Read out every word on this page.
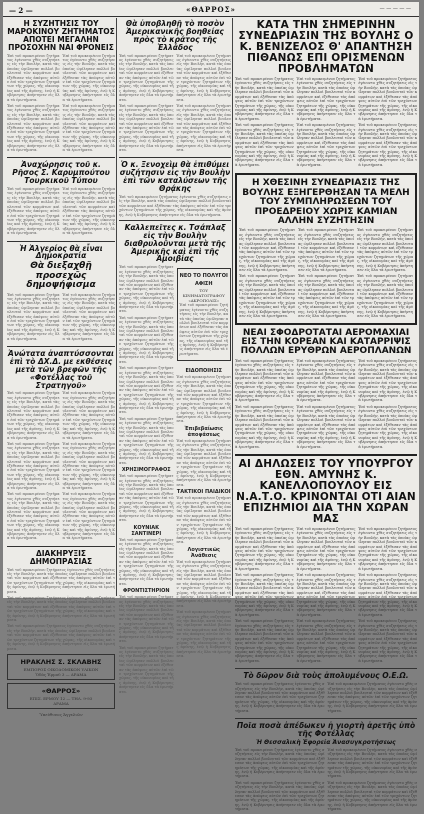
— 2 —	«ΘΑΡΡΟΣ»	— — — — —
Η ΣΥΖΗΤΗΣΙΣ ΤΟΥ ΜΑΡΟΚΙΝΟΥ ΖΗΤΗΜΑΤΟΣ ΑΠΟΤΕΙ ΜΕΓΑΛΗΝ ΠΡΟΣΟΧΗΝ ΝΑΙ ΦΡΟΝΕΙΣ

Ἐπὶ τοῦ προκειμένου ζητήματος ἐγένοντο χθὲς συζητήσεις εἰς τὴν Βουλὴν, κατὰ τὰς ὁποίας ὡμίλησαν πολλοὶ βουλευταὶ τῶν κομμάτων καὶ ἐξέθεσαν τὰς ἀπόψεις αὐτῶν ἐπὶ τῶν τρεχόντων ζητημάτων τῆς χώρας, τῆς οἰκονομίας καὶ τῆς ἀμύνης, ἐνῷ ἡ Κυβέρνησις ἀπήντησεν εἰς ὅλα τὰ ἐρωτήματα.

Ἐπὶ τοῦ προκειμένου ζητήματος ἐγένοντο χθὲς συζητήσεις εἰς τὴν Βουλὴν, κατὰ τὰς ὁποίας ὡμίλησαν πολλοὶ βουλευταὶ τῶν κομμάτων καὶ ἐξέθεσαν τὰς ἀπόψεις αὐτῶν ἐπὶ τῶν τρεχόντων ζητημάτων τῆς χώρας, τῆς οἰκονομίας καὶ τῆς ἀμύνης, ἐνῷ ἡ Κυβέρνησις ἀπήντησεν εἰς ὅλα τὰ ἐρωτήματα.

Ἐπὶ τοῦ προκειμένου ζητήματος ἐγένοντο χθὲς συζητήσεις εἰς τὴν Βουλὴν, κατὰ τὰς ὁποίας ὡμίλησαν πολλοὶ βουλευταὶ τῶν κομμάτων καὶ ἐξέθεσαν τὰς ἀπόψεις αὐτῶν ἐπὶ τῶν τρεχόντων ζητημάτων τῆς χώρας, τῆς οἰκονομίας καὶ τῆς ἀμύνης, ἐνῷ ἡ Κυβέρνησις ἀπήντησεν εἰς ὅλα τὰ ἐρωτήματα.

Ἐπὶ τοῦ προκειμένου ζητήματος ἐγένοντο χθὲς συζητήσεις εἰς τὴν Βουλὴν, κατὰ τὰς ὁποίας ὡμίλησαν πολλοὶ βουλευταὶ τῶν κομμάτων καὶ ἐξέθεσαν τὰς ἀπόψεις αὐτῶν ἐπὶ τῶν τρεχόντων ζητημάτων τῆς χώρας, τῆς οἰκονομίας καὶ τῆς ἀμύνης, ἐνῷ ἡ Κυβέρνησις ἀπήντησεν εἰς ὅλα τὰ ἐρωτήματα.

Ἀναχώρησις τοῦ κ. Ρῆσος Σ. Καρυμπούτου Τουρκικοῦ Τύπου

Ἐπὶ τοῦ προκειμένου ζητήματος ἐγένοντο χθὲς συζητήσεις εἰς τὴν Βουλὴν, κατὰ τὰς ὁποίας ὡμίλησαν πολλοὶ βουλευταὶ τῶν κομμάτων καὶ ἐξέθεσαν τὰς ἀπόψεις αὐτῶν ἐπὶ τῶν τρεχόντων ζητημάτων τῆς χώρας, τῆς οἰκονομίας καὶ τῆς ἀμύνης, ἐνῷ ἡ Κυβέρνησις ἀπήντησεν εἰς ὅλα τὰ ἐρωτήματα.

Ἐπὶ τοῦ προκειμένου ζητήματος ἐγένοντο χθὲς συζητήσεις εἰς τὴν Βουλὴν, κατὰ τὰς ὁποίας ὡμίλησαν πολλοὶ βουλευταὶ τῶν κομμάτων καὶ ἐξέθεσαν τὰς ἀπόψεις αὐτῶν ἐπὶ τῶν τρεχόντων ζητημάτων τῆς χώρας, τῆς οἰκονομίας καὶ τῆς ἀμύνης, ἐνῷ ἡ Κυβέρνησις ἀπήντησεν εἰς ὅλα τὰ ἐρωτήματα.

Ἡ Ἀλγερίος θὰ εἶναι Δημοκρατία
Θὰ διεξαχθῇ προσεχῶς δημοψήφισμα

Ἐπὶ τοῦ προκειμένου ζητήματος ἐγένοντο χθὲς συζητήσεις εἰς τὴν Βουλὴν, κατὰ τὰς ὁποίας ὡμίλησαν πολλοὶ βουλευταὶ τῶν κομμάτων καὶ ἐξέθεσαν τὰς ἀπόψεις αὐτῶν ἐπὶ τῶν τρεχόντων ζητημάτων τῆς χώρας, τῆς οἰκονομίας καὶ τῆς ἀμύνης, ἐνῷ ἡ Κυβέρνησις ἀπήντησεν εἰς ὅλα τὰ ἐρωτήματα.

Ἐπὶ τοῦ προκειμένου ζητήματος ἐγένοντο χθὲς συζητήσεις εἰς τὴν Βουλὴν, κατὰ τὰς ὁποίας ὡμίλησαν πολλοὶ βουλευταὶ τῶν κομμάτων καὶ ἐξέθεσαν τὰς ἀπόψεις αὐτῶν ἐπὶ τῶν τρεχόντων ζητημάτων τῆς χώρας, τῆς οἰκονομίας καὶ τῆς ἀμύνης, ἐνῷ ἡ Κυβέρνησις ἀπήντησεν εἰς ὅλα τὰ ἐρωτήματα.

Ἀνώτατα ἀναπτύσσονται ἐπὶ τὸ ΔΧ.Δ. με εκθέσεις μετὰ τῶν βρεφῶν τῆς «Φοτέλλας τοῦ Στρατηγοῦ»

Ἐπὶ τοῦ προκειμένου ζητήματος ἐγένοντο χθὲς συζητήσεις εἰς τὴν Βουλὴν, κατὰ τὰς ὁποίας ὡμίλησαν πολλοὶ βουλευταὶ τῶν κομμάτων καὶ ἐξέθεσαν τὰς ἀπόψεις αὐτῶν ἐπὶ τῶν τρεχόντων ζητημάτων τῆς χώρας, τῆς οἰκονομίας καὶ τῆς ἀμύνης, ἐνῷ ἡ Κυβέρνησις ἀπήντησεν εἰς ὅλα τὰ ἐρωτήματα.

Ἐπὶ τοῦ προκειμένου ζητήματος ἐγένοντο χθὲς συζητήσεις εἰς τὴν Βουλὴν, κατὰ τὰς ὁποίας ὡμίλησαν πολλοὶ βουλευταὶ τῶν κομμάτων καὶ ἐξέθεσαν τὰς ἀπόψεις αὐτῶν ἐπὶ τῶν τρεχόντων ζητημάτων τῆς χώρας, τῆς οἰκονομίας καὶ τῆς ἀμύνης, ἐνῷ ἡ Κυβέρνησις ἀπήντησεν εἰς ὅλα τὰ ἐρωτήματα.

Ἐπὶ τοῦ προκειμένου ζητήματος ἐγένοντο χθὲς συζητήσεις εἰς τὴν Βουλὴν, κατὰ τὰς ὁποίας ὡμίλησαν πολλοὶ βουλευταὶ τῶν κομμάτων καὶ ἐξέθεσαν τὰς ἀπόψεις αὐτῶν ἐπὶ τῶν τρεχόντων ζητημάτων τῆς χώρας, τῆς οἰκονομίας καὶ τῆς ἀμύνης, ἐνῷ ἡ Κυβέρνησις ἀπήντησεν εἰς ὅλα τὰ ἐρωτήματα.

Ἐπὶ τοῦ προκειμένου ζητήματος ἐγένοντο χθὲς συζητήσεις εἰς τὴν Βουλὴν, κατὰ τὰς ὁποίας ὡμίλησαν πολλοὶ βουλευταὶ τῶν κομμάτων καὶ ἐξέθεσαν τὰς ἀπόψεις αὐτῶν ἐπὶ τῶν τρεχόντων ζητημάτων τῆς χώρας, τῆς οἰκονομίας καὶ τῆς ἀμύνης, ἐνῷ ἡ Κυβέρνησις ἀπήντησεν εἰς ὅλα τὰ ἐρωτήματα.

Ἐπὶ τοῦ προκειμένου ζητήματος ἐγένοντο χθὲς συζητήσεις εἰς τὴν Βουλὴν, κατὰ τὰς ὁποίας ὡμίλησαν πολλοὶ βουλευταὶ τῶν κομμάτων καὶ ἐξέθεσαν τὰς ἀπόψεις αὐτῶν ἐπὶ τῶν τρεχόντων ζητημάτων τῆς χώρας, τῆς οἰκονομίας καὶ τῆς ἀμύνης, ἐνῷ ἡ Κυβέρνησις ἀπήντησεν εἰς ὅλα τὰ ἐρωτήματα.

Ἐπὶ τοῦ προκειμένου ζητήματος ἐγένοντο χθὲς συζητήσεις εἰς τὴν Βουλὴν, κατὰ τὰς ὁποίας ὡμίλησαν πολλοὶ βουλευταὶ τῶν κομμάτων καὶ ἐξέθεσαν τὰς ἀπόψεις αὐτῶν ἐπὶ τῶν τρεχόντων ζητημάτων τῆς χώρας, τῆς οἰκονομίας καὶ τῆς ἀμύνης, ἐνῷ ἡ Κυβέρνησις ἀπήντησεν εἰς ὅλα τὰ ἐρωτήματα.

ΔΙΑΚΗΡΥΞΙΣ ΔΗΜΟΠΡΑΣΙΑΣ

Ἐπὶ τοῦ προκειμένου ζητήματος ἐγένοντο χθὲς συζητήσεις εἰς τὴν Βουλὴν, κατὰ τὰς ὁποίας ὡμίλησαν πολλοὶ βουλευταὶ τῶν κομμάτων καὶ ἐξέθεσαν τὰς ἀπόψεις αὐτῶν ἐπὶ τῶν τρεχόντων ζητημάτων τῆς χώρας, τῆς οἰκονομίας καὶ τῆς ἀμύνης, ἐνῷ ἡ Κυβέρνησις ἀπήντησεν εἰς ὅλα τὰ ἐρωτήματα.

Ἐπὶ τοῦ προκειμένου ζητήματος ἐγένοντο χθὲς συζητήσεις εἰς τὴν Βουλὴν, κατὰ τὰς ὁποίας ὡμίλησαν πολλοὶ βουλευταὶ τῶν κομμάτων καὶ ἐξέθεσαν τὰς ἀπόψεις αὐτῶν ἐπὶ τῶν τρεχόντων ζητημάτων τῆς χώρας, τῆς οἰκονομίας καὶ τῆς ἀμύνης, ἐνῷ ἡ Κυβέρνησις ἀπήντησεν εἰς ὅλα τὰ ἐρωτήματα.

Ἐπὶ τοῦ προκειμένου ζητήματος ἐγένοντο χθὲς συζητήσεις εἰς τὴν Βουλὴν, κατὰ τὰς ὁποίας ὡμίλησαν πολλοὶ βουλευταὶ τῶν κομμάτων καὶ ἐξέθεσαν τὰς ἀπόψεις αὐτῶν ἐπὶ τῶν τρεχόντων ζητημάτων τῆς χώρας, τῆς οἰκονομίας καὶ τῆς ἀμύνης, ἐνῷ ἡ Κυβέρνησις ἀπήντησεν εἰς ὅλα τὰ ἐρωτήματα.

ΗΡΑΚΛΗΣ Σ. ΣΚΛΑΒΗΣ
ΕΜΠΟΡΟΣ ΟΙΚΟΔΟΜΙΚΩΝ ΥΛΙΚΩΝ
Ὁδὸς Ἑρμοῦ 3 — ΔΡΑΜΑ
«ΘΑΡΡΟΣ»
ΕΠΙΣ. ΕΡΜΟΥ 12 — ΤΗΛ. 9-93
ΔΡΑΜΑ
Ὑπεύθυνος Ἀγγελιῶν
Θὰ ὑποβληθῇ τὸ ποσὸν Ἀμερικανικῆς βοηθείας πρὸς τὸ κράτος τῆς Ἑλλάδος

Ἐπὶ τοῦ προκειμένου ζητήματος ἐγένοντο χθὲς συζητήσεις εἰς τὴν Βουλὴν, κατὰ τὰς ὁποίας ὡμίλησαν πολλοὶ βουλευταὶ τῶν κομμάτων καὶ ἐξέθεσαν τὰς ἀπόψεις αὐτῶν ἐπὶ τῶν τρεχόντων ζητημάτων τῆς χώρας, τῆς οἰκονομίας καὶ τῆς ἀμύνης, ἐνῷ ἡ Κυβέρνησις ἀπήντησεν εἰς ὅλα τὰ ἐρωτήματα.

Ἐπὶ τοῦ προκειμένου ζητήματος ἐγένοντο χθὲς συζητήσεις εἰς τὴν Βουλὴν, κατὰ τὰς ὁποίας ὡμίλησαν πολλοὶ βουλευταὶ τῶν κομμάτων καὶ ἐξέθεσαν τὰς ἀπόψεις αὐτῶν ἐπὶ τῶν τρεχόντων ζητημάτων τῆς χώρας, τῆς οἰκονομίας καὶ τῆς ἀμύνης, ἐνῷ ἡ Κυβέρνησις ἀπήντησεν εἰς ὅλα τὰ ἐρωτήματα.

Ἐπὶ τοῦ προκειμένου ζητήματος ἐγένοντο χθὲς συζητήσεις εἰς τὴν Βουλὴν, κατὰ τὰς ὁποίας ὡμίλησαν πολλοὶ βουλευταὶ τῶν κομμάτων καὶ ἐξέθεσαν τὰς ἀπόψεις αὐτῶν ἐπὶ τῶν τρεχόντων ζητημάτων τῆς χώρας, τῆς οἰκονομίας καὶ τῆς ἀμύνης, ἐνῷ ἡ Κυβέρνησις ἀπήντησεν εἰς ὅλα τὰ ἐρωτήματα.

Ἐπὶ τοῦ προκειμένου ζητήματος ἐγένοντο χθὲς συζητήσεις εἰς τὴν Βουλὴν, κατὰ τὰς ὁποίας ὡμίλησαν πολλοὶ βουλευταὶ τῶν κομμάτων καὶ ἐξέθεσαν τὰς ἀπόψεις αὐτῶν ἐπὶ τῶν τρεχόντων ζητημάτων τῆς χώρας, τῆς οἰκονομίας καὶ τῆς ἀμύνης, ἐνῷ ἡ Κυβέρνησις ἀπήντησεν εἰς ὅλα τὰ ἐρωτήματα.

Ὁ κ. Ξενοχεὶμ θὰ ἐπιθύμει συζήτησιν εἰς τὴν Βουλὴν ἐπὶ τῶν καταλύσεων τῆς Θρᾴκης

Ἐπὶ τοῦ προκειμένου ζητήματος ἐγένοντο χθὲς συζητήσεις εἰς τὴν Βουλὴν, κατὰ τὰς ὁποίας ὡμίλησαν πολλοὶ βουλευταὶ τῶν κομμάτων καὶ ἐξέθεσαν τὰς ἀπόψεις αὐτῶν ἐπὶ τῶν τρεχόντων ζητημάτων τῆς χώρας, τῆς οἰκονομίας καὶ τῆς ἀμύνης, ἐνῷ ἡ Κυβέρνησις ἀπήντησεν εἰς ὅλα τὰ ἐρωτήματα.

Καλλεπεῖτες κ. Τσάπλαξ εἰς τὴν Βουλὴν διαθρυλοῦνται μετὰ τῆς Ἀμερικῆς καὶ ἐπὶ τῆς Ἀμοιβίας

Ἐπὶ τοῦ προκειμένου ζητήματος ἐγένοντο χθὲς συζητήσεις εἰς τὴν Βουλὴν, κατὰ τὰς ὁποίας ὡμίλησαν πολλοὶ βουλευταὶ τῶν κομμάτων καὶ ἐξέθεσαν τὰς ἀπόψεις αὐτῶν ἐπὶ τῶν τρεχόντων ζητημάτων τῆς χώρας, τῆς οἰκονομίας καὶ τῆς ἀμύνης, ἐνῷ ἡ Κυβέρνησις ἀπήντησεν εἰς ὅλα τὰ ἐρωτήματα.

Ἐπὶ τοῦ προκειμένου ζητήματος ἐγένοντο χθὲς συζητήσεις εἰς τὴν Βουλὴν, κατὰ τὰς ὁποίας ὡμίλησαν πολλοὶ βουλευταὶ τῶν κομμάτων καὶ ἐξέθεσαν τὰς ἀπόψεις αὐτῶν ἐπὶ τῶν τρεχόντων ζητημάτων τῆς χώρας, τῆς οἰκονομίας καὶ τῆς ἀμύνης, ἐνῷ ἡ Κυβέρνησις ἀπήντησεν εἰς ὅλα τὰ ἐρωτήματα.

ΝΕΟ ΤΟ ΠΟΛΥΓΟΙ
ΑΦΙΣΗ
ΤΟΥ ΚΙΝΗΜΑΤΟΓΡΑΦΟΥ
«ΑΚΡΟΠΟΛΙΣ»

Ἐπὶ τοῦ προκειμένου ζητήματος ἐγένοντο χθὲς συζητήσεις εἰς τὴν Βουλὴν, κατὰ τὰς ὁποίας ὡμίλησαν πολλοὶ βουλευταὶ τῶν κομμάτων καὶ ἐξέθεσαν τὰς ἀπόψεις αὐτῶν ἐπὶ τῶν τρεχόντων ζητημάτων τῆς χώρας, τῆς οἰκονομίας καὶ τῆς ἀμύνης, ἐνῷ ἡ Κυβέρνησις ἀπήντησεν εἰς ὅλα τὰ ἐρωτήματα.

Ἐπὶ τοῦ προκειμένου ζητήματος ἐγένοντο χθὲς συζητήσεις εἰς τὴν Βουλὴν, κατὰ τὰς ὁποίας ὡμίλησαν πολλοὶ βουλευταὶ τῶν κομμάτων καὶ ἐξέθεσαν τὰς ἀπόψεις αὐτῶν ἐπὶ τῶν τρεχόντων ζητημάτων τῆς χώρας, τῆς οἰκονομίας καὶ τῆς ἀμύνης, ἐνῷ ἡ Κυβέρνησις ἀπήντησεν εἰς ὅλα τὰ ἐρωτήματα.

Ἐπὶ τοῦ προκειμένου ζητήματος ἐγένοντο χθὲς συζητήσεις εἰς τὴν Βουλὴν, κατὰ τὰς ὁποίας ὡμίλησαν πολλοὶ βουλευταὶ τῶν κομμάτων καὶ ἐξέθεσαν τὰς ἀπόψεις αὐτῶν ἐπὶ τῶν τρεχόντων ζητημάτων τῆς χώρας, τῆς οἰκονομίας καὶ τῆς ἀμύνης, ἐνῷ ἡ Κυβέρνησις ἀπήντησεν εἰς ὅλα τὰ ἐρωτήματα.

ΧΡΗΣΙΜΟΓΡΑΦΟΣ

Ἐπὶ τοῦ προκειμένου ζητήματος ἐγένοντο χθὲς συζητήσεις εἰς τὴν Βουλὴν, κατὰ τὰς ὁποίας ὡμίλησαν πολλοὶ βουλευταὶ τῶν κομμάτων καὶ ἐξέθεσαν τὰς ἀπόψεις αὐτῶν ἐπὶ τῶν τρεχόντων ζητημάτων τῆς χώρας, τῆς οἰκονομίας καὶ τῆς ἀμύνης, ἐνῷ ἡ Κυβέρνησις ἀπήντησεν εἰς ὅλα τὰ ἐρωτήματα.

ΚΟΥΝΙΑΚ ΣΑΝΤΙΝΕΡΙ

Ἐπὶ τοῦ προκειμένου ζητήματος ἐγένοντο χθὲς συζητήσεις εἰς τὴν Βουλὴν, κατὰ τὰς ὁποίας ὡμίλησαν πολλοὶ βουλευταὶ τῶν κομμάτων καὶ ἐξέθεσαν τὰς ἀπόψεις αὐτῶν ἐπὶ τῶν τρεχόντων ζητημάτων τῆς χώρας, τῆς οἰκονομίας καὶ τῆς ἀμύνης, ἐνῷ ἡ Κυβέρνησις ἀπήντησεν εἰς ὅλα τὰ ἐρωτήματα.

ΦΡΟΝΤΙΣΤΗΡΙΟΝ

Ἐπὶ τοῦ προκειμένου ζητήματος ἐγένοντο χθὲς συζητήσεις εἰς τὴν Βουλὴν, κατὰ τὰς ὁποίας ὡμίλησαν πολλοὶ βουλευταὶ τῶν κομμάτων καὶ ἐξέθεσαν τὰς ἀπόψεις αὐτῶν ἐπὶ τῶν τρεχόντων ζητημάτων τῆς χώρας, τῆς οἰκονομίας καὶ τῆς ἀμύνης, ἐνῷ ἡ Κυβέρνησις ἀπήντησεν εἰς ὅλα τὰ ἐρωτήματα.

Ἐπὶ τοῦ προκειμένου ζητήματος ἐγένοντο χθὲς συζητήσεις εἰς τὴν Βουλὴν, κατὰ τὰς ὁποίας ὡμίλησαν πολλοὶ βουλευταὶ τῶν κομμάτων καὶ ἐξέθεσαν τὰς ἀπόψεις αὐτῶν ἐπὶ τῶν τρεχόντων ζητημάτων τῆς χώρας, τῆς οἰκονομίας καὶ τῆς ἀμύνης, ἐνῷ ἡ Κυβέρνησις ἀπήντησεν εἰς ὅλα τὰ ἐρωτήματα.

ΕΙΔΟΠΟΙΗΣΙΣ

Ἐπὶ τοῦ προκειμένου ζητήματος ἐγένοντο χθὲς συζητήσεις εἰς τὴν Βουλὴν, κατὰ τὰς ὁποίας ὡμίλησαν πολλοὶ βουλευταὶ τῶν κομμάτων καὶ ἐξέθεσαν τὰς ἀπόψεις αὐτῶν ἐπὶ τῶν τρεχόντων ζητημάτων τῆς χώρας, τῆς οἰκονομίας καὶ τῆς ἀμύνης, ἐνῷ ἡ Κυβέρνησις ἀπήντησεν εἰς ὅλα τὰ ἐρωτήματα.

Ἐπιβεβαίωσις ἀποφάσεως

Ἐπὶ τοῦ προκειμένου ζητήματος ἐγένοντο χθὲς συζητήσεις εἰς τὴν Βουλὴν, κατὰ τὰς ὁποίας ὡμίλησαν πολλοὶ βουλευταὶ τῶν κομμάτων καὶ ἐξέθεσαν τὰς ἀπόψεις αὐτῶν ἐπὶ τῶν τρεχόντων ζητημάτων τῆς χώρας, τῆς οἰκονομίας καὶ τῆς ἀμύνης, ἐνῷ ἡ Κυβέρνησις ἀπήντησεν εἰς ὅλα τὰ ἐρωτήματα.

ΤΑΚΤΙΚΟΙ ΠΑΙΔΙΚΟΙ

Ἐπὶ τοῦ προκειμένου ζητήματος ἐγένοντο χθὲς συζητήσεις εἰς τὴν Βουλὴν, κατὰ τὰς ὁποίας ὡμίλησαν πολλοὶ βουλευταὶ τῶν κομμάτων καὶ ἐξέθεσαν τὰς ἀπόψεις αὐτῶν ἐπὶ τῶν τρεχόντων ζητημάτων τῆς χώρας, τῆς οἰκονομίας καὶ τῆς ἀμύνης, ἐνῷ ἡ Κυβέρνησις ἀπήντησεν εἰς ὅλα τὰ ἐρωτήματα.

Λογιστικῶς Ἀνάθεσις

Ἐπὶ τοῦ προκειμένου ζητήματος ἐγένοντο χθὲς συζητήσεις εἰς τὴν Βουλὴν, κατὰ τὰς ὁποίας ὡμίλησαν πολλοὶ βουλευταὶ τῶν κομμάτων καὶ ἐξέθεσαν τὰς ἀπόψεις αὐτῶν ἐπὶ τῶν τρεχόντων ζητημάτων τῆς χώρας, τῆς οἰκονομίας καὶ τῆς ἀμύνης, ἐνῷ ἡ Κυβέρνησις ἀπήντησεν εἰς ὅλα τὰ ἐρωτήματα.

Ἐπὶ τοῦ προκειμένου ζητήματος ἐγένοντο χθὲς συζητήσεις εἰς τὴν Βουλὴν, κατὰ τὰς ὁποίας ὡμίλησαν πολλοὶ βουλευταὶ τῶν κομμάτων καὶ ἐξέθεσαν τὰς ἀπόψεις αὐτῶν ἐπὶ τῶν τρεχόντων ζητημάτων τῆς χώρας, τῆς οἰκονομίας καὶ τῆς ἀμύνης, ἐνῷ ἡ Κυβέρνησις ἀπήντησεν εἰς ὅλα τὰ ἐρωτήματα.

ΚΑΤΑ ΤΗΝ ΣΗΜΕΡΙΝΗΝ ΣΥΝΕΔΡΙΑΣΙΝ ΤΗΣ ΒΟΥΛΗΣ Ο Κ. ΒΕΝΙΖΕΛΟΣ Θ' ΑΠΑΝΤΗΣΗ ΠΙΘΑΝΩΣ ΕΠΙ ΟΡΙΣΜΕΝΩΝ ΠΡΟΒΛΗΜΑΤΩΝ

Ἐπὶ τοῦ προκειμένου ζητήματος ἐγένοντο χθὲς συζητήσεις εἰς τὴν Βουλὴν, κατὰ τὰς ὁποίας ὡμίλησαν πολλοὶ βουλευταὶ τῶν κομμάτων καὶ ἐξέθεσαν τὰς ἀπόψεις αὐτῶν ἐπὶ τῶν τρεχόντων ζητημάτων τῆς χώρας, τῆς οἰκονομίας καὶ τῆς ἀμύνης, ἐνῷ ἡ Κυβέρνησις ἀπήντησεν εἰς ὅλα τὰ ἐρωτήματα.

Ἐπὶ τοῦ προκειμένου ζητήματος ἐγένοντο χθὲς συζητήσεις εἰς τὴν Βουλὴν, κατὰ τὰς ὁποίας ὡμίλησαν πολλοὶ βουλευταὶ τῶν κομμάτων καὶ ἐξέθεσαν τὰς ἀπόψεις αὐτῶν ἐπὶ τῶν τρεχόντων ζητημάτων τῆς χώρας, τῆς οἰκονομίας καὶ τῆς ἀμύνης, ἐνῷ ἡ Κυβέρνησις ἀπήντησεν εἰς ὅλα τὰ ἐρωτήματα.

Ἐπὶ τοῦ προκειμένου ζητήματος ἐγένοντο χθὲς συζητήσεις εἰς τὴν Βουλὴν, κατὰ τὰς ὁποίας ὡμίλησαν πολλοὶ βουλευταὶ τῶν κομμάτων καὶ ἐξέθεσαν τὰς ἀπόψεις αὐτῶν ἐπὶ τῶν τρεχόντων ζητημάτων τῆς χώρας, τῆς οἰκονομίας καὶ τῆς ἀμύνης, ἐνῷ ἡ Κυβέρνησις ἀπήντησεν εἰς ὅλα τὰ ἐρωτήματα.

Ἐπὶ τοῦ προκειμένου ζητήματος ἐγένοντο χθὲς συζητήσεις εἰς τὴν Βουλὴν, κατὰ τὰς ὁποίας ὡμίλησαν πολλοὶ βουλευταὶ τῶν κομμάτων καὶ ἐξέθεσαν τὰς ἀπόψεις αὐτῶν ἐπὶ τῶν τρεχόντων ζητημάτων τῆς χώρας, τῆς οἰκονομίας καὶ τῆς ἀμύνης, ἐνῷ ἡ Κυβέρνησις ἀπήντησεν εἰς ὅλα τὰ ἐρωτήματα.

Ἐπὶ τοῦ προκειμένου ζητήματος ἐγένοντο χθὲς συζητήσεις εἰς τὴν Βουλὴν, κατὰ τὰς ὁποίας ὡμίλησαν πολλοὶ βουλευταὶ τῶν κομμάτων καὶ ἐξέθεσαν τὰς ἀπόψεις αὐτῶν ἐπὶ τῶν τρεχόντων ζητημάτων τῆς χώρας, τῆς οἰκονομίας καὶ τῆς ἀμύνης, ἐνῷ ἡ Κυβέρνησις ἀπήντησεν εἰς ὅλα τὰ ἐρωτήματα.

Ἐπὶ τοῦ προκειμένου ζητήματος ἐγένοντο χθὲς συζητήσεις εἰς τὴν Βουλὴν, κατὰ τὰς ὁποίας ὡμίλησαν πολλοὶ βουλευταὶ τῶν κομμάτων καὶ ἐξέθεσαν τὰς ἀπόψεις αὐτῶν ἐπὶ τῶν τρεχόντων ζητημάτων τῆς χώρας, τῆς οἰκονομίας καὶ τῆς ἀμύνης, ἐνῷ ἡ Κυβέρνησις ἀπήντησεν εἰς ὅλα τὰ ἐρωτήματα.

Η ΧΘΕΣΙΝΗ ΣΥΝΕΔΡΙΑΣΙΣ ΤΗΣ ΒΟΥΛΗΣ ΕΞΗΓΕΡΘΗΣΑΝ ΤΑ ΜΕΛΗ ΤΟΥ ΣΥΜΠΛΗΡΩΣΕΩΝ ΤΟΥ ΠΡΟΕΔΡΕΙΟΥ ΧΩΡΙΣ ΚΑΜΙΑΝ ΑΛΛΗΝ ΣΥΖΗΤΗΣΙΝ

Ἐπὶ τοῦ προκειμένου ζητήματος ἐγένοντο χθὲς συζητήσεις εἰς τὴν Βουλὴν, κατὰ τὰς ὁποίας ὡμίλησαν πολλοὶ βουλευταὶ τῶν κομμάτων καὶ ἐξέθεσαν τὰς ἀπόψεις αὐτῶν ἐπὶ τῶν τρεχόντων ζητημάτων τῆς χώρας, τῆς οἰκονομίας καὶ τῆς ἀμύνης, ἐνῷ ἡ Κυβέρνησις ἀπήντησεν εἰς ὅλα τὰ ἐρωτήματα.

Ἐπὶ τοῦ προκειμένου ζητήματος ἐγένοντο χθὲς συζητήσεις εἰς τὴν Βουλὴν, κατὰ τὰς ὁποίας ὡμίλησαν πολλοὶ βουλευταὶ τῶν κομμάτων καὶ ἐξέθεσαν τὰς ἀπόψεις αὐτῶν ἐπὶ τῶν τρεχόντων ζητημάτων τῆς χώρας, τῆς οἰκονομίας καὶ τῆς ἀμύνης, ἐνῷ ἡ Κυβέρνησις ἀπήντησεν εἰς ὅλα τὰ ἐρωτήματα.

Ἐπὶ τοῦ προκειμένου ζητήματος ἐγένοντο χθὲς συζητήσεις εἰς τὴν Βουλὴν, κατὰ τὰς ὁποίας ὡμίλησαν πολλοὶ βουλευταὶ τῶν κομμάτων καὶ ἐξέθεσαν τὰς ἀπόψεις αὐτῶν ἐπὶ τῶν τρεχόντων ζητημάτων τῆς χώρας, τῆς οἰκονομίας καὶ τῆς ἀμύνης, ἐνῷ ἡ Κυβέρνησις ἀπήντησεν εἰς ὅλα τὰ ἐρωτήματα.

Ἐπὶ τοῦ προκειμένου ζητήματος ἐγένοντο χθὲς συζητήσεις εἰς τὴν Βουλὴν, κατὰ τὰς ὁποίας ὡμίλησαν πολλοὶ βουλευταὶ τῶν κομμάτων καὶ ἐξέθεσαν τὰς ἀπόψεις αὐτῶν ἐπὶ τῶν τρεχόντων ζητημάτων τῆς χώρας, τῆς οἰκονομίας καὶ τῆς ἀμύνης, ἐνῷ ἡ Κυβέρνησις ἀπήντησεν εἰς ὅλα τὰ ἐρωτήματα.

Ἐπὶ τοῦ προκειμένου ζητήματος ἐγένοντο χθὲς συζητήσεις εἰς τὴν Βουλὴν, κατὰ τὰς ὁποίας ὡμίλησαν πολλοὶ βουλευταὶ τῶν κομμάτων καὶ ἐξέθεσαν τὰς ἀπόψεις αὐτῶν ἐπὶ τῶν τρεχόντων ζητημάτων τῆς χώρας, τῆς οἰκονομίας καὶ τῆς ἀμύνης, ἐνῷ ἡ Κυβέρνησις ἀπήντησεν εἰς ὅλα τὰ ἐρωτήματα.

Ἐπὶ τοῦ προκειμένου ζητήματος ἐγένοντο χθὲς συζητήσεις εἰς τὴν Βουλὴν, κατὰ τὰς ὁποίας ὡμίλησαν πολλοὶ βουλευταὶ τῶν κομμάτων καὶ ἐξέθεσαν τὰς ἀπόψεις αὐτῶν ἐπὶ τῶν τρεχόντων ζητημάτων τῆς χώρας, τῆς οἰκονομίας καὶ τῆς ἀμύνης, ἐνῷ ἡ Κυβέρνησις ἀπήντησεν εἰς ὅλα τὰ ἐρωτήματα.

ΝΕΑΙ ΣΦΟΔΡΟΤΑΤΑΙ ΑΕΡΟΜΑΧΙΑΙ ΕΙΣ ΤΗΝ ΚΟΡΕΑΝ ΚΑΙ ΚΑΤΑΡΡΙΨΙΣ ΠΟΛΛΩΝ ΕΡΥΘΡΩΝ ΑΕΡΟΠΛΑΝΩΝ

Ἐπὶ τοῦ προκειμένου ζητήματος ἐγένοντο χθὲς συζητήσεις εἰς τὴν Βουλὴν, κατὰ τὰς ὁποίας ὡμίλησαν πολλοὶ βουλευταὶ τῶν κομμάτων καὶ ἐξέθεσαν τὰς ἀπόψεις αὐτῶν ἐπὶ τῶν τρεχόντων ζητημάτων τῆς χώρας, τῆς οἰκονομίας καὶ τῆς ἀμύνης, ἐνῷ ἡ Κυβέρνησις ἀπήντησεν εἰς ὅλα τὰ ἐρωτήματα.

Ἐπὶ τοῦ προκειμένου ζητήματος ἐγένοντο χθὲς συζητήσεις εἰς τὴν Βουλὴν, κατὰ τὰς ὁποίας ὡμίλησαν πολλοὶ βουλευταὶ τῶν κομμάτων καὶ ἐξέθεσαν τὰς ἀπόψεις αὐτῶν ἐπὶ τῶν τρεχόντων ζητημάτων τῆς χώρας, τῆς οἰκονομίας καὶ τῆς ἀμύνης, ἐνῷ ἡ Κυβέρνησις ἀπήντησεν εἰς ὅλα τὰ ἐρωτήματα.

Ἐπὶ τοῦ προκειμένου ζητήματος ἐγένοντο χθὲς συζητήσεις εἰς τὴν Βουλὴν, κατὰ τὰς ὁποίας ὡμίλησαν πολλοὶ βουλευταὶ τῶν κομμάτων καὶ ἐξέθεσαν τὰς ἀπόψεις αὐτῶν ἐπὶ τῶν τρεχόντων ζητημάτων τῆς χώρας, τῆς οἰκονομίας καὶ τῆς ἀμύνης, ἐνῷ ἡ Κυβέρνησις ἀπήντησεν εἰς ὅλα τὰ ἐρωτήματα.

Ἐπὶ τοῦ προκειμένου ζητήματος ἐγένοντο χθὲς συζητήσεις εἰς τὴν Βουλὴν, κατὰ τὰς ὁποίας ὡμίλησαν πολλοὶ βουλευταὶ τῶν κομμάτων καὶ ἐξέθεσαν τὰς ἀπόψεις αὐτῶν ἐπὶ τῶν τρεχόντων ζητημάτων τῆς χώρας, τῆς οἰκονομίας καὶ τῆς ἀμύνης, ἐνῷ ἡ Κυβέρνησις ἀπήντησεν εἰς ὅλα τὰ ἐρωτήματα.

Ἐπὶ τοῦ προκειμένου ζητήματος ἐγένοντο χθὲς συζητήσεις εἰς τὴν Βουλὴν, κατὰ τὰς ὁποίας ὡμίλησαν πολλοὶ βουλευταὶ τῶν κομμάτων καὶ ἐξέθεσαν τὰς ἀπόψεις αὐτῶν ἐπὶ τῶν τρεχόντων ζητημάτων τῆς χώρας, τῆς οἰκονομίας καὶ τῆς ἀμύνης, ἐνῷ ἡ Κυβέρνησις ἀπήντησεν εἰς ὅλα τὰ ἐρωτήματα.

Ἐπὶ τοῦ προκειμένου ζητήματος ἐγένοντο χθὲς συζητήσεις εἰς τὴν Βουλὴν, κατὰ τὰς ὁποίας ὡμίλησαν πολλοὶ βουλευταὶ τῶν κομμάτων καὶ ἐξέθεσαν τὰς ἀπόψεις αὐτῶν ἐπὶ τῶν τρεχόντων ζητημάτων τῆς χώρας, τῆς οἰκονομίας καὶ τῆς ἀμύνης, ἐνῷ ἡ Κυβέρνησις ἀπήντησεν εἰς ὅλα τὰ ἐρωτήματα.

ΑΙ ΔΗΛΩΣΕΙΣ ΤΟΥ ΥΠΟΥΡΓΟΥ ΕΘΝ. ΑΜΥΝΗΣ Κ. ΚΑΝΕΛΛΟΠΟΥΛΟΥ ΕΙΣ Ν.Α.Τ.Ο. ΚΡΙΝΟΝΤΑΙ ΟΤΙ ΑΙΑΝ ΕΠΙΖΗΜΙΟΙ ΔΙΑ ΤΗΝ ΧΩΡΑΝ ΜΑΣ

Ἐπὶ τοῦ προκειμένου ζητήματος ἐγένοντο χθὲς συζητήσεις εἰς τὴν Βουλὴν, κατὰ τὰς ὁποίας ὡμίλησαν πολλοὶ βουλευταὶ τῶν κομμάτων καὶ ἐξέθεσαν τὰς ἀπόψεις αὐτῶν ἐπὶ τῶν τρεχόντων ζητημάτων τῆς χώρας, τῆς οἰκονομίας καὶ τῆς ἀμύνης, ἐνῷ ἡ Κυβέρνησις ἀπήντησεν εἰς ὅλα τὰ ἐρωτήματα.

Ἐπὶ τοῦ προκειμένου ζητήματος ἐγένοντο χθὲς συζητήσεις εἰς τὴν Βουλὴν, κατὰ τὰς ὁποίας ὡμίλησαν πολλοὶ βουλευταὶ τῶν κομμάτων καὶ ἐξέθεσαν τὰς ἀπόψεις αὐτῶν ἐπὶ τῶν τρεχόντων ζητημάτων τῆς χώρας, τῆς οἰκονομίας καὶ τῆς ἀμύνης, ἐνῷ ἡ Κυβέρνησις ἀπήντησεν εἰς ὅλα τὰ ἐρωτήματα.

Ἐπὶ τοῦ προκειμένου ζητήματος ἐγένοντο χθὲς συζητήσεις εἰς τὴν Βουλὴν, κατὰ τὰς ὁποίας ὡμίλησαν πολλοὶ βουλευταὶ τῶν κομμάτων καὶ ἐξέθεσαν τὰς ἀπόψεις αὐτῶν ἐπὶ τῶν τρεχόντων ζητημάτων τῆς χώρας, τῆς οἰκονομίας καὶ τῆς ἀμύνης, ἐνῷ ἡ Κυβέρνησις ἀπήντησεν εἰς ὅλα τὰ ἐρωτήματα.

Ἐπὶ τοῦ προκειμένου ζητήματος ἐγένοντο χθὲς συζητήσεις εἰς τὴν Βουλὴν, κατὰ τὰς ὁποίας ὡμίλησαν πολλοὶ βουλευταὶ τῶν κομμάτων καὶ ἐξέθεσαν τὰς ἀπόψεις αὐτῶν ἐπὶ τῶν τρεχόντων ζητημάτων τῆς χώρας, τῆς οἰκονομίας καὶ τῆς ἀμύνης, ἐνῷ ἡ Κυβέρνησις ἀπήντησεν εἰς ὅλα τὰ ἐρωτήματα.

Ἐπὶ τοῦ προκειμένου ζητήματος ἐγένοντο χθὲς συζητήσεις εἰς τὴν Βουλὴν, κατὰ τὰς ὁποίας ὡμίλησαν πολλοὶ βουλευταὶ τῶν κομμάτων καὶ ἐξέθεσαν τὰς ἀπόψεις αὐτῶν ἐπὶ τῶν τρεχόντων ζητημάτων τῆς χώρας, τῆς οἰκονομίας καὶ τῆς ἀμύνης, ἐνῷ ἡ Κυβέρνησις ἀπήντησεν εἰς ὅλα τὰ ἐρωτήματα.

Ἐπὶ τοῦ προκειμένου ζητήματος ἐγένοντο χθὲς συζητήσεις εἰς τὴν Βουλὴν, κατὰ τὰς ὁποίας ὡμίλησαν πολλοὶ βουλευταὶ τῶν κομμάτων καὶ ἐξέθεσαν τὰς ἀπόψεις αὐτῶν ἐπὶ τῶν τρεχόντων ζητημάτων τῆς χώρας, τῆς οἰκονομίας καὶ τῆς ἀμύνης, ἐνῷ ἡ Κυβέρνησις ἀπήντησεν εἰς ὅλα τὰ ἐρωτήματα.

Ἐπὶ τοῦ προκειμένου ζητήματος ἐγένοντο χθὲς συζητήσεις εἰς τὴν Βουλὴν, κατὰ τὰς ὁποίας ὡμίλησαν πολλοὶ βουλευταὶ τῶν κομμάτων καὶ ἐξέθεσαν τὰς ἀπόψεις αὐτῶν ἐπὶ τῶν τρεχόντων ζητημάτων τῆς χώρας, τῆς οἰκονομίας καὶ τῆς ἀμύνης, ἐνῷ ἡ Κυβέρνησις ἀπήντησεν εἰς ὅλα τὰ ἐρωτήματα.

Ἐπὶ τοῦ προκειμένου ζητήματος ἐγένοντο χθὲς συζητήσεις εἰς τὴν Βουλὴν, κατὰ τὰς ὁποίας ὡμίλησαν πολλοὶ βουλευταὶ τῶν κομμάτων καὶ ἐξέθεσαν τὰς ἀπόψεις αὐτῶν ἐπὶ τῶν τρεχόντων ζητημάτων τῆς χώρας, τῆς οἰκονομίας καὶ τῆς ἀμύνης, ἐνῷ ἡ Κυβέρνησις ἀπήντησεν εἰς ὅλα τὰ ἐρωτήματα.

Ἐπὶ τοῦ προκειμένου ζητήματος ἐγένοντο χθὲς συζητήσεις εἰς τὴν Βουλὴν, κατὰ τὰς ὁποίας ὡμίλησαν πολλοὶ βουλευταὶ τῶν κομμάτων καὶ ἐξέθεσαν τὰς ἀπόψεις αὐτῶν ἐπὶ τῶν τρεχόντων ζητημάτων τῆς χώρας, τῆς οἰκονομίας καὶ τῆς ἀμύνης, ἐνῷ ἡ Κυβέρνησις ἀπήντησεν εἰς ὅλα τὰ ἐρωτήματα.

Τὸ δῶρον διὰ τοὺς ἀπολυμένους Ο.Ε.Ω.

Ἐπὶ τοῦ προκειμένου ζητήματος ἐγένοντο χθὲς συζητήσεις εἰς τὴν Βουλὴν, κατὰ τὰς ὁποίας ὡμίλησαν πολλοὶ βουλευταὶ τῶν κομμάτων καὶ ἐξέθεσαν τὰς ἀπόψεις αὐτῶν ἐπὶ τῶν τρεχόντων ζητημάτων τῆς χώρας, τῆς οἰκονομίας καὶ τῆς ἀμύνης, ἐνῷ ἡ Κυβέρνησις ἀπήντησεν εἰς ὅλα τὰ ἐρωτήματα.

Ἐπὶ τοῦ προκειμένου ζητήματος ἐγένοντο χθὲς συζητήσεις εἰς τὴν Βουλὴν, κατὰ τὰς ὁποίας ὡμίλησαν πολλοὶ βουλευταὶ τῶν κομμάτων καὶ ἐξέθεσαν τὰς ἀπόψεις αὐτῶν ἐπὶ τῶν τρεχόντων ζητημάτων τῆς χώρας, τῆς οἰκονομίας καὶ τῆς ἀμύνης, ἐνῷ ἡ Κυβέρνησις ἀπήντησεν εἰς ὅλα τὰ ἐρωτήματα.

Ποῖα ποσὰ ἀπέδωκεν ἡ γιορτὴ ἀρετῆς ὑπὸ τῆς Φοτέλλας
Ἡ Θεσσαλικὴ Ἐφορεία Ἀνασυγκροτήσεως

Ἐπὶ τοῦ προκειμένου ζητήματος ἐγένοντο χθὲς συζητήσεις εἰς τὴν Βουλὴν, κατὰ τὰς ὁποίας ὡμίλησαν πολλοὶ βουλευταὶ τῶν κομμάτων καὶ ἐξέθεσαν τὰς ἀπόψεις αὐτῶν ἐπὶ τῶν τρεχόντων ζητημάτων τῆς χώρας, τῆς οἰκονομίας καὶ τῆς ἀμύνης, ἐνῷ ἡ Κυβέρνησις ἀπήντησεν εἰς ὅλα τὰ ἐρωτήματα.

Ἐπὶ τοῦ προκειμένου ζητήματος ἐγένοντο χθὲς συζητήσεις εἰς τὴν Βουλὴν, κατὰ τὰς ὁποίας ὡμίλησαν πολλοὶ βουλευταὶ τῶν κομμάτων καὶ ἐξέθεσαν τὰς ἀπόψεις αὐτῶν ἐπὶ τῶν τρεχόντων ζητημάτων τῆς χώρας, τῆς οἰκονομίας καὶ τῆς ἀμύνης, ἐνῷ ἡ Κυβέρνησις ἀπήντησεν εἰς ὅλα τὰ ἐρωτήματα.

Ἐπὶ τοῦ προκειμένου ζητήματος ἐγένοντο χθὲς συζητήσεις εἰς τὴν Βουλὴν, κατὰ τὰς ὁποίας ὡμίλησαν πολλοὶ βουλευταὶ τῶν κομμάτων καὶ ἐξέθεσαν τὰς ἀπόψεις αὐτῶν ἐπὶ τῶν τρεχόντων ζητημάτων τῆς χώρας, τῆς οἰκονομίας καὶ τῆς ἀμύνης, ἐνῷ ἡ Κυβέρνησις ἀπήντησεν εἰς ὅλα τὰ ἐρωτήματα.

Ἐπὶ τοῦ προκειμένου ζητήματος ἐγένοντο χθὲς συζητήσεις εἰς τὴν Βουλὴν, κατὰ τὰς ὁποίας ὡμίλησαν πολλοὶ βουλευταὶ τῶν κομμάτων καὶ ἐξέθεσαν τὰς ἀπόψεις αὐτῶν ἐπὶ τῶν τρεχόντων ζητημάτων τῆς χώρας, τῆς οἰκονομίας καὶ τῆς ἀμύνης, ἐνῷ ἡ Κυβέρνησις ἀπήντησεν εἰς ὅλα τὰ ἐρωτήματα.
